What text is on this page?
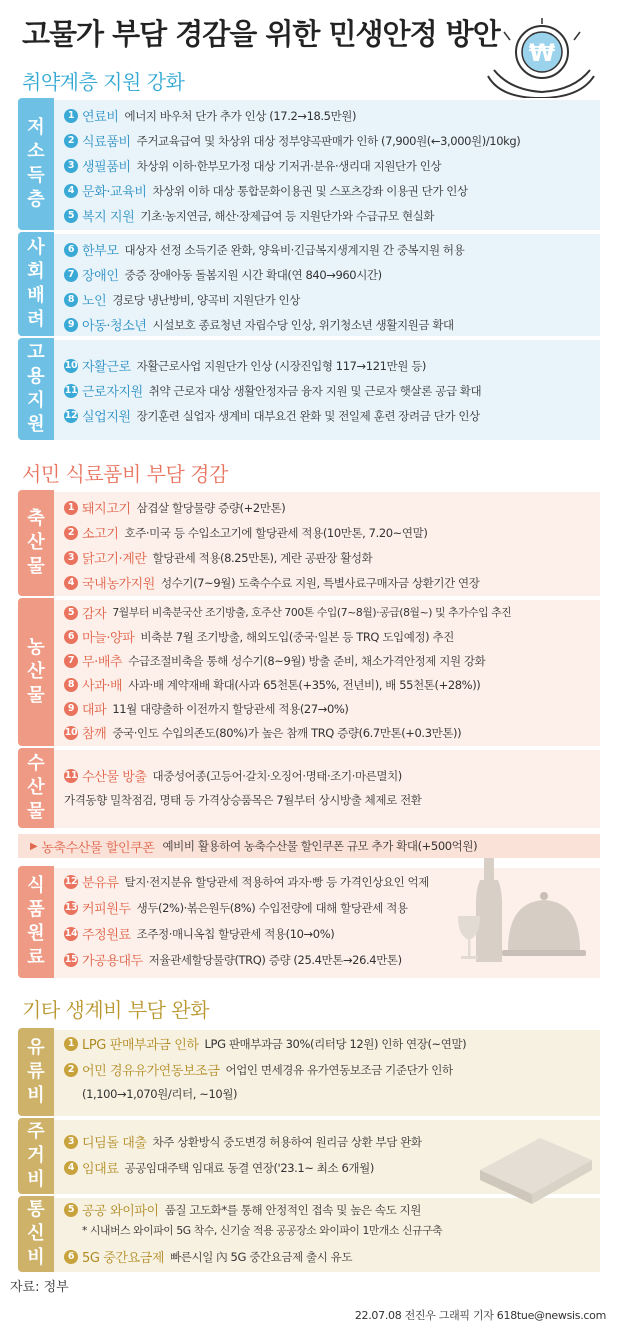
고물가 부담 경감을 위한 민생안정 방안
₩
취약계층 지원 강화
저
소
득
층
1 연료비 에너지 바우처 단가 추가 인상 (17.2→18.5만원)
2 식료품비 주거교육급여 및 차상위 대상 정부양곡판매가 인하 (7,900원(←3,000원)/10kg)
3 생필품비 차상위 이하·한부모가정 대상 기저귀·분유·생리대 지원단가 인상
4 문화·교육비 차상위 이하 대상 통합문화이용권 및 스포츠강좌 이용권 단가 인상
5 복지 지원 기초·농지연금, 해산·장제급여 등 지원단가와 수급규모 현실화
사
회
배
려
6 한부모 대상자 선정 소득기준 완화, 양육비·긴급복지생계지원 간 중복지원 허용
7 장애인 중증 장애아동 돌봄지원 시간 확대(연 840→960시간)
8 노인 경로당 냉난방비, 양곡비 지원단가 인상
9 아동·청소년 시설보호 종료청년 자립수당 인상, 위기청소년 생활지원금 확대
고
용
지
원
10 자활근로 자활근로사업 지원단가 인상 (시장진입형 117→121만원 등)
11 근로자지원 취약 근로자 대상 생활안정자금 융자 지원 및 근로자 햇살론 공급 확대
12 실업지원 장기훈련 실업자 생계비 대부요건 완화 및 전일제 훈련 장려금 단가 인상
서민 식료품비 부담 경감
축
산
물
1 돼지고기 삼겹살 할당물량 증량(+2만톤)
2 소고기 호주·미국 등 수입소고기에 할당관세 적용(10만톤, 7.20~연말)
3 닭고기·계란 할당관세 적용(8.25만톤), 계란 공판장 활성화
4 국내농가지원 성수기(7~9월) 도축수수료 지원, 특별사료구매자금 상환기간 연장
농
산
물
5 감자 7월부터 비축분국산 조기방출, 호주산 700톤 수입(7~8월)·공급(8월~) 및 추가수입 추진
6 마늘·양파 비축분 7월 조기방출, 해외도입(중국·일본 등 TRQ 도입예정) 추진
7 무·배추 수급조절비축을 통해 성수기(8~9월) 방출 준비, 채소가격안정제 지원 강화
8 사과·배 사과·배 계약재배 확대(사과 65천톤(+35%, 전년비), 배 55천톤(+28%))
9 대파 11월 대량출하 이전까지 할당관세 적용(27→0%)
10 참깨 중국·인도 수입의존도(80%)가 높은 참깨 TRQ 증량(6.7만톤(+0.3만톤))
수
산
물
11 수산물 방출 대중성어종(고등어·갈치·오징어·명태·조기·마른멸치)
가격동향 밀착점검, 명태 등 가격상승품목은 7월부터 상시방출 체제로 전환
▶ 농축수산물 할인쿠폰 예비비 활용하여 농축수산물 할인쿠폰 규모 추가 확대(+500억원)
식
품
원
료
12 분유류 탈지·전지분유 할당관세 적용하여 과자·빵 등 가격인상요인 억제
13 커피원두 생두(2%)·볶은원두(8%) 수입전량에 대해 할당관세 적용
14 주정원료 조주정·매니옥칩 할당관세 적용(10→0%)
15 가공용대두 저율관세할당물량(TRQ) 증량 (25.4만톤→26.4만톤)
기타 생계비 부담 완화
유
류
비
1 LPG 판매부과금 인하 LPG 판매부과금 30%(리터당 12원) 인하 연장(~연말)
2 어민 경유유가연동보조금 어업인 면세경유 유가연동보조금 기준단가 인하
(1,100→1,070원/리터, ~10월)
주
거
비
3 디딤돌 대출 차주 상환방식 중도변경 허용하여 원리금 상환 부담 완화
4 임대료 공공임대주택 임대료 동결 연장('23.1~ 최소 6개월)
통
신
비
5 공공 와이파이 품질 고도화*를 통해 안정적인 접속 및 높은 속도 지원
* 시내버스 와이파이 5G 착수, 신기술 적용 공공장소 와이파이 1만개소 신규구축
6 5G 중간요금제 빠른시일 內 5G 중간요금제 출시 유도
자료: 정부
22.07.08 전진우 그래픽 기자 618tue@newsis.com
